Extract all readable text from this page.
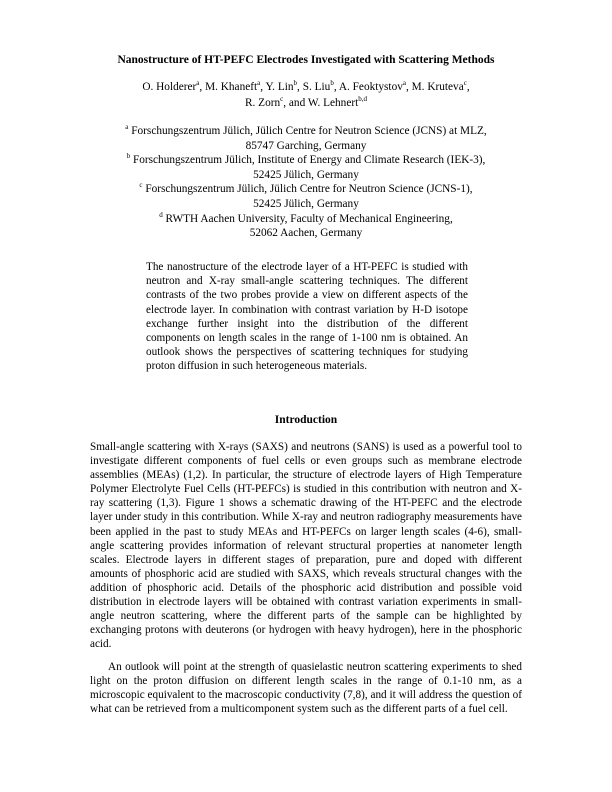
Nanostructure of HT-PEFC Electrodes Investigated with Scattering Methods
O. Holderer$^a$, M. Khaneft$^a$, Y. Lin$^b$, S. Liu$^b$, A. Feoktystov$^a$, M. Kruteva$^c$,
R. Zorn$^c$, and W. Lehnert$^{b,d}$
$^a$ Forschungszentrum Jülich, Jülich Centre for Neutron Science (JCNS) at MLZ,
85747 Garching, Germany
$^b$ Forschungszentrum Jülich, Institute of Energy and Climate Research (IEK-3),
52425 Jülich, Germany
$^c$ Forschungszentrum Jülich, Jülich Centre for Neutron Science (JCNS-1),
52425 Jülich, Germany
$^d$ RWTH Aachen University, Faculty of Mechanical Engineering,
52062 Aachen, Germany

The nanostructure of the electrode layer of a HT-PEFC is studied with neutron and X-ray small-angle scattering techniques. The different contrasts of the two probes provide a view on different aspects of the electrode layer. In combination with contrast variation by H-D isotope exchange further insight into the distribution of the different components on length scales in the range of 1-100 nm is obtained. An outlook shows the perspectives of scattering techniques for studying proton diffusion in such heterogeneous materials.

Introduction

Small-angle scattering with X-rays (SAXS) and neutrons (SANS) is used as a powerful tool to investigate different components of fuel cells or even groups such as membrane electrode assemblies (MEAs) (1,2). In particular, the structure of electrode layers of High Temperature Polymer Electrolyte Fuel Cells (HT-PEFCs) is studied in this contribution with neutron and X-ray scattering (1,3). Figure 1 shows a schematic drawing of the HT-PEFC and the electrode layer under study in this contribution. While X-ray and neutron radiography measurements have been applied in the past to study MEAs and HT-PEFCs on larger length scales (4-6), small-angle scattering provides information of relevant structural properties at nanometer length scales. Electrode layers in different stages of preparation, pure and doped with different amounts of phosphoric acid are studied with SAXS, which reveals structural changes with the addition of phosphoric acid. Details of the phosphoric acid distribution and possible void distribution in electrode layers will be obtained with contrast variation experiments in small-angle neutron scattering, where the different parts of the sample can be highlighted by exchanging protons with deuterons (or hydrogen with heavy hydrogen), here in the phosphoric acid.

An outlook will point at the strength of quasielastic neutron scattering experiments to shed light on the proton diffusion on different length scales in the range of 0.1-10 nm, as a microscopic equivalent to the macroscopic conductivity (7,8), and it will address the question of what can be retrieved from a multicomponent system such as the different parts of a fuel cell.
